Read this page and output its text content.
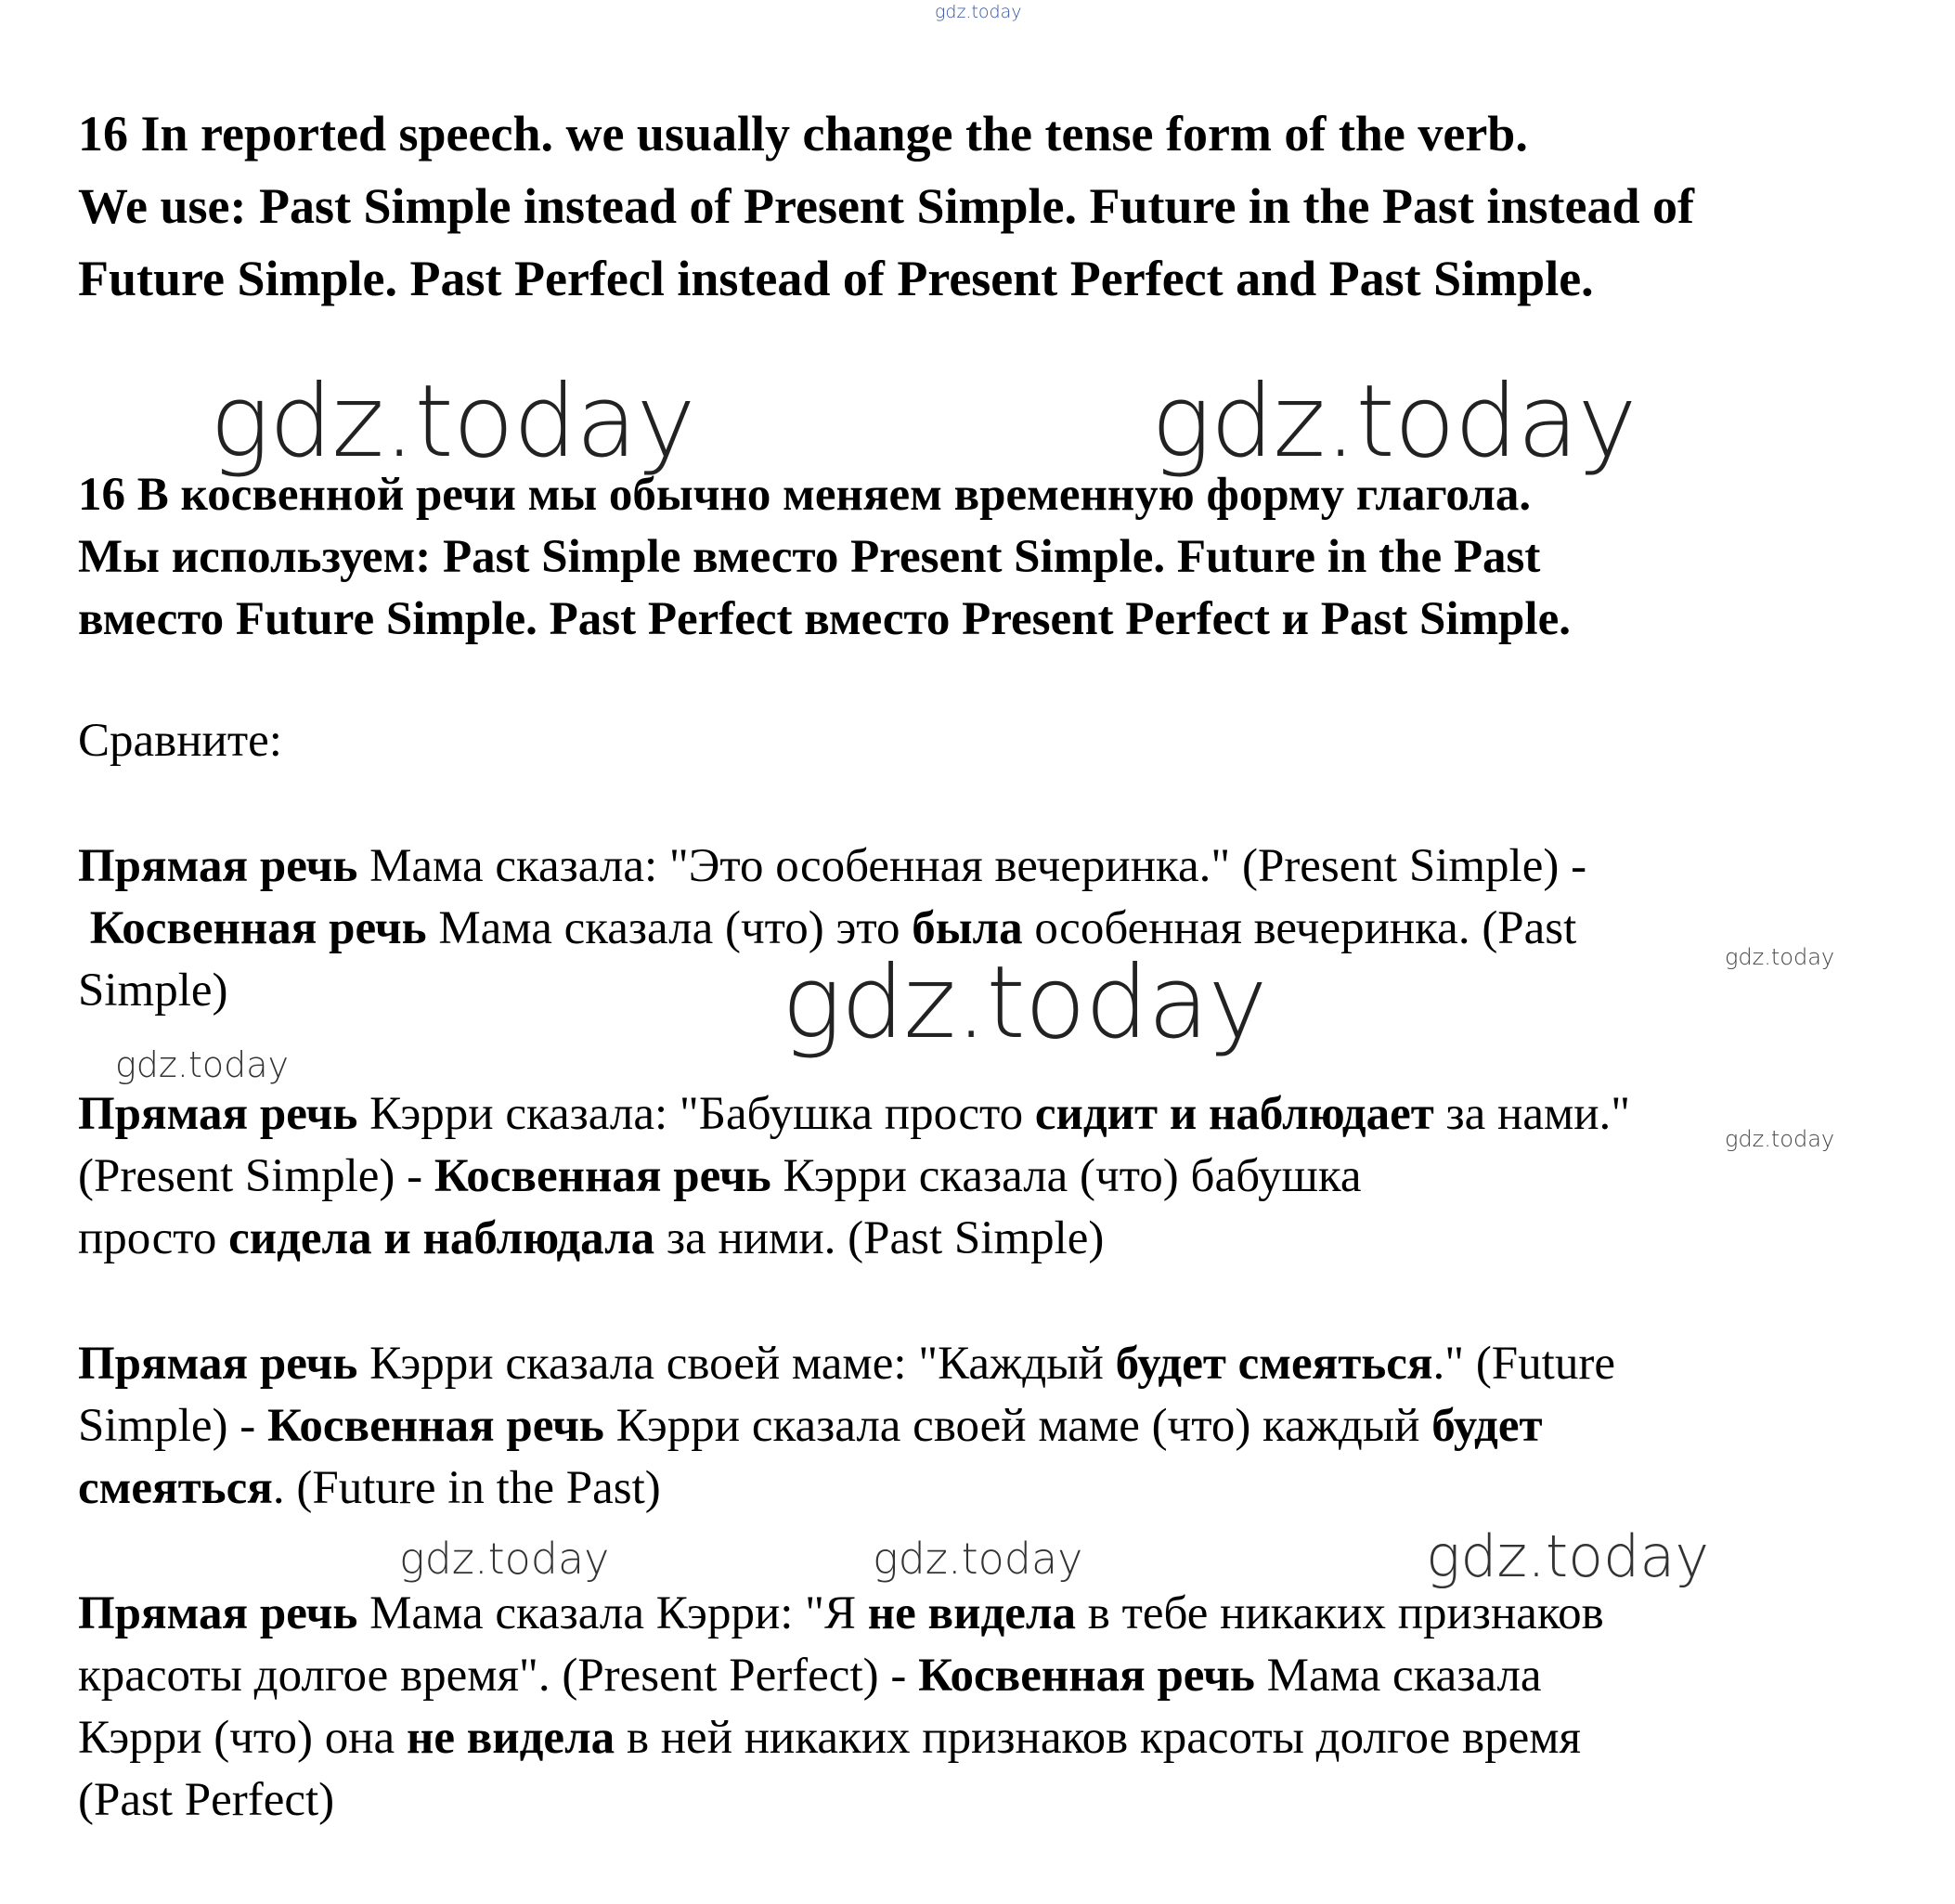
gdz.today
gdz.today	gdz.today
gdz.today	gdz.today
gdz.today
gdz.today
gdz.today	gdz.today	gdz.today
16 In reported speech. we usually change the tense form of the verb.
We use: Past Simple instead of Present Simple. Future in the Past instead of
Future Simple. Past Perfecl instead of Present Perfect and Past Simple.
16 В косвенной речи мы обычно меняем временную форму глагола.
Мы используем: Past Simple вместо Present Simple. Future in the Past
вместо Future Simple. Past Perfect вместо Present Perfect и Past Simple.
Сравните:
Прямая речь Мама сказала: "Это особенная вечеринка." (Present Simple) -
Косвенная речь Мама сказала (что) это была особенная вечеринка. (Past
Simple)
Прямая речь Кэрри сказала: "Бабушка просто сидит и наблюдает за нами."
(Present Simple) - Косвенная речь Кэрри сказала (что) бабушка
просто сидела и наблюдала за ними. (Past Simple)
Прямая речь Кэрри сказала своей маме: "Каждый будет смеяться." (Future
Simple) - Косвенная речь Кэрри сказала своей маме (что) каждый будет
смеяться. (Future in the Past)
Прямая речь Мама сказала Кэрри: "Я не видела в тебе никаких признаков
красоты долгое время". (Present Perfect) - Косвенная речь Мама сказала
Кэрри (что) она не видела в ней никаких признаков красоты долгое время
(Past Perfect)
